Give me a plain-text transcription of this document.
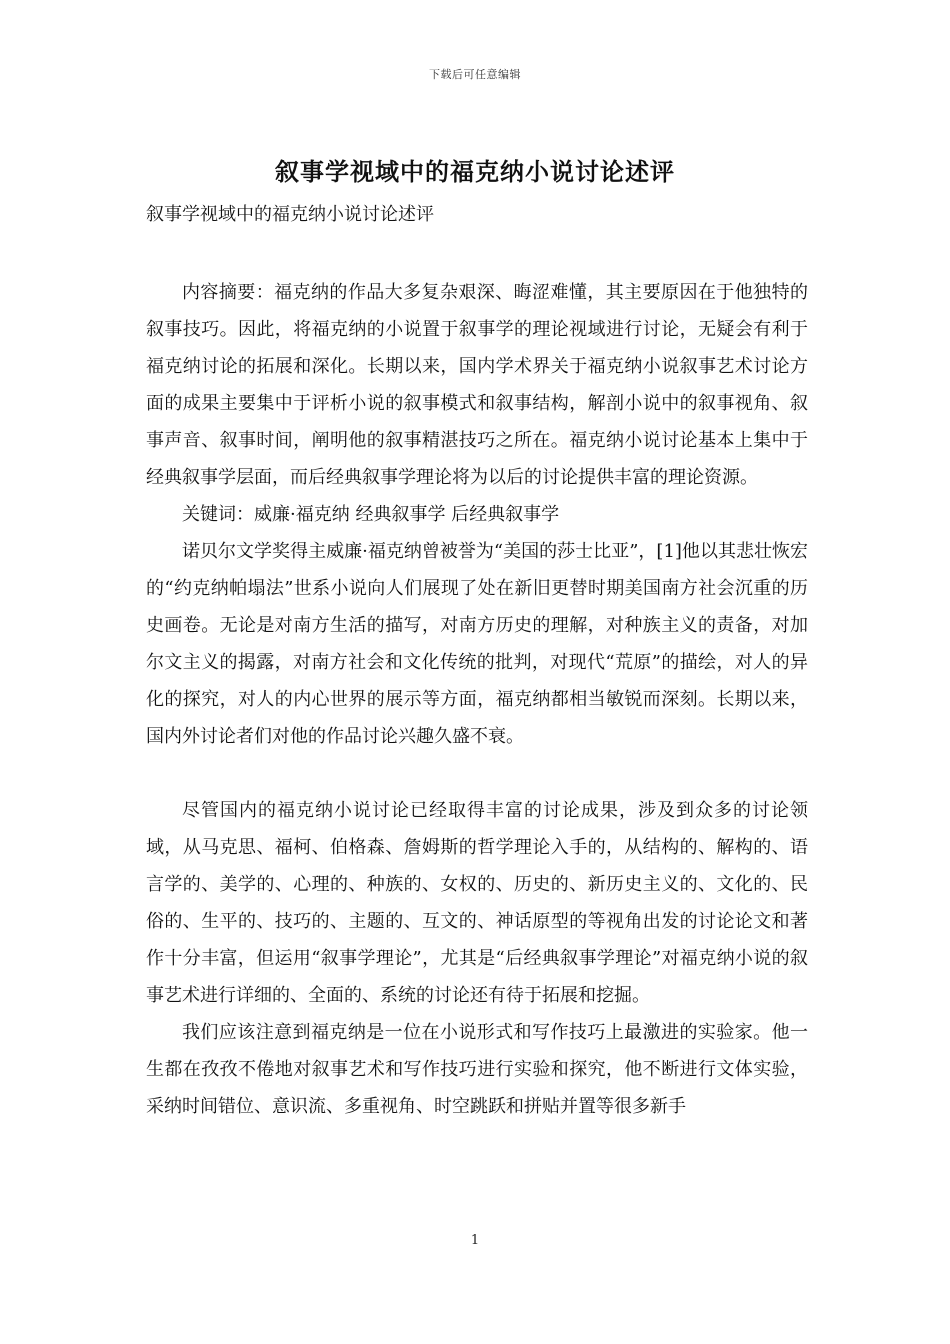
下载后可任意编辑
叙事学视域中的福克纳小说讨论述评

叙事学视域中的福克纳小说讨论述评

内容摘要：福克纳的作品大多复杂艰深、晦涩难懂，其主要原因在于他独特的叙事技巧。因此，将福克纳的小说置于叙事学的理论视域进行讨论，无疑会有利于福克纳讨论的拓展和深化。长期以来，国内学术界关于福克纳小说叙事艺术讨论方面的成果主要集中于评析小说的叙事模式和叙事结构，解剖小说中的叙事视角、叙事声音、叙事时间，阐明他的叙事精湛技巧之所在。福克纳小说讨论基本上集中于经典叙事学层面，而后经典叙事学理论将为以后的讨论提供丰富的理论资源。

关键词：威廉·福克纳 经典叙事学 后经典叙事学

诺贝尔文学奖得主威廉·福克纳曾被誉为“美国的莎士比亚”，[1]他以其悲壮恢宏的“约克纳帕塌法”世系小说向人们展现了处在新旧更替时期美国南方社会沉重的历史画卷。无论是对南方生活的描写，对南方历史的理解，对种族主义的责备，对加尔文主义的揭露，对南方社会和文化传统的批判，对现代“荒原”的描绘，对人的异化的探究，对人的内心世界的展示等方面，福克纳都相当敏锐而深刻。长期以来，国内外讨论者们对他的作品讨论兴趣久盛不衰。

尽管国内的福克纳小说讨论已经取得丰富的讨论成果，涉及到众多的讨论领域，从马克思、福柯、伯格森、詹姆斯的哲学理论入手的，从结构的、解构的、语言学的、美学的、心理的、种族的、女权的、历史的、新历史主义的、文化的、民俗的、生平的、技巧的、主题的、互文的、神话原型的等视角出发的讨论论文和著作十分丰富，但运用“叙事学理论”，尤其是“后经典叙事学理论”对福克纳小说的叙事艺术进行详细的、全面的、系统的讨论还有待于拓展和挖掘。

我们应该注意到福克纳是一位在小说形式和写作技巧上最激进的实验家。他一生都在孜孜不倦地对叙事艺术和写作技巧进行实验和探究，他不断进行文体实验，采纳时间错位、意识流、多重视角、时空跳跃和拼贴并置等很多新手

1
